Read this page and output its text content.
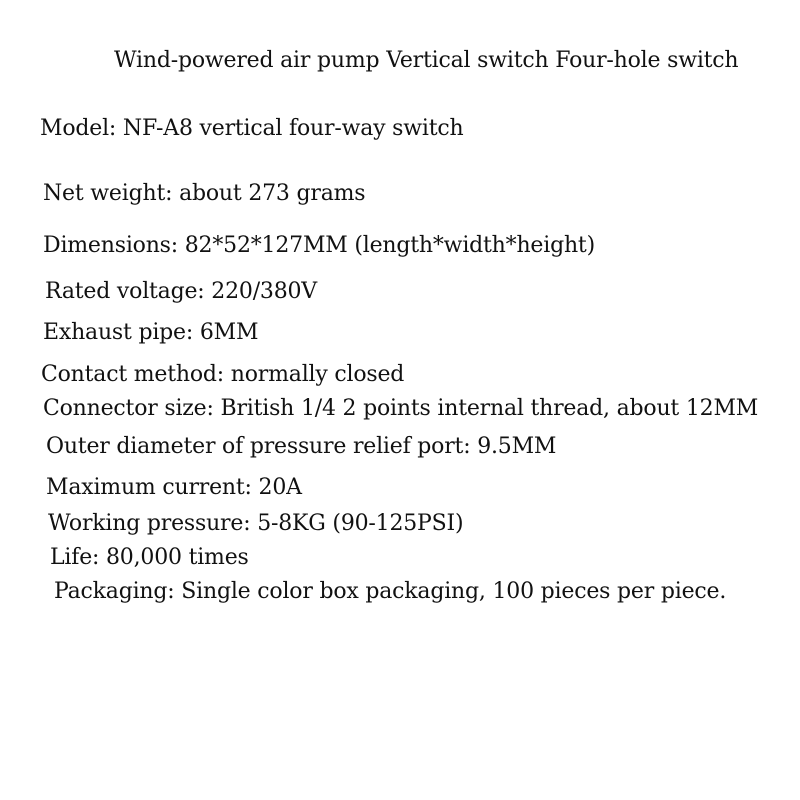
Wind-powered air pump Vertical switch Four-hole switch
Model: NF-A8 vertical four-way switch
Net weight: about 273 grams
Dimensions: 82*52*127MM (length*width*height)
Rated voltage: 220/380V
Exhaust pipe: 6MM
Contact method: normally closed
Connector size: British 1/4 2 points internal thread, about 12MM
Outer diameter of pressure relief port: 9.5MM
Maximum current: 20A
Working pressure: 5-8KG (90-125PSI)
Life: 80,000 times
Packaging: Single color box packaging, 100 pieces per piece.
